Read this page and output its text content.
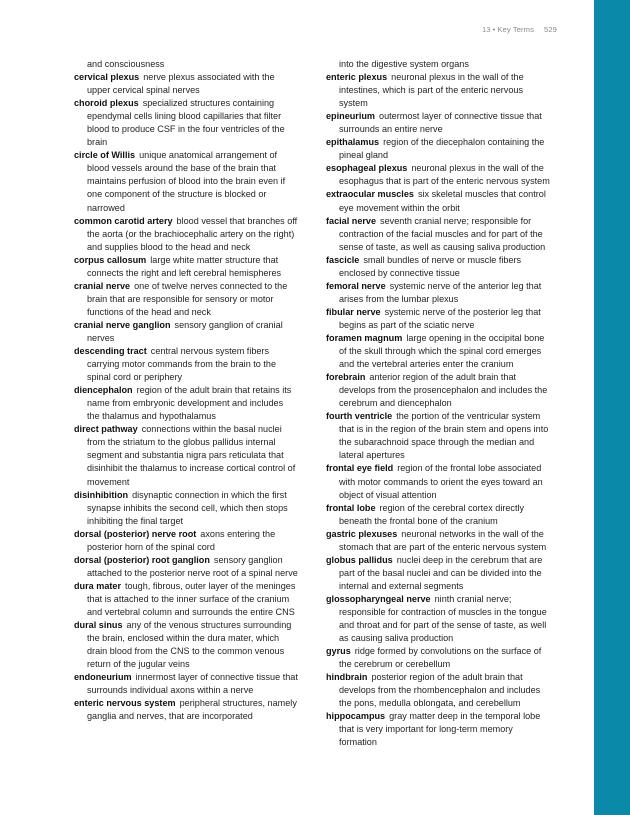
13 • Key Terms 529

and consciousness

cervical plexus nerve plexus associated with the upper cervical spinal nerves

choroid plexus specialized structures containing ependymal cells lining blood capillaries that filter blood to produce CSF in the four ventricles of the brain

circle of Willis unique anatomical arrangement of blood vessels around the base of the brain that maintains perfusion of blood into the brain even if one component of the structure is blocked or narrowed

common carotid artery blood vessel that branches off the aorta (or the brachiocephalic artery on the right) and supplies blood to the head and neck

corpus callosum large white matter structure that connects the right and left cerebral hemispheres

cranial nerve one of twelve nerves connected to the brain that are responsible for sensory or motor functions of the head and neck

cranial nerve ganglion sensory ganglion of cranial nerves

descending tract central nervous system fibers carrying motor commands from the brain to the spinal cord or periphery

diencephalon region of the adult brain that retains its name from embryonic development and includes the thalamus and hypothalamus

direct pathway connections within the basal nuclei from the striatum to the globus pallidus internal segment and substantia nigra pars reticulata that disinhibit the thalamus to increase cortical control of movement

disinhibition disynaptic connection in which the first synapse inhibits the second cell, which then stops inhibiting the final target

dorsal (posterior) nerve root axons entering the posterior horn of the spinal cord

dorsal (posterior) root ganglion sensory ganglion attached to the posterior nerve root of a spinal nerve

dura mater tough, fibrous, outer layer of the meninges that is attached to the inner surface of the cranium and vertebral column and surrounds the entire CNS

dural sinus any of the venous structures surrounding the brain, enclosed within the dura mater, which drain blood from the CNS to the common venous return of the jugular veins

endoneurium innermost layer of connective tissue that surrounds individual axons within a nerve

enteric nervous system peripheral structures, namely ganglia and nerves, that are incorporated

into the digestive system organs

enteric plexus neuronal plexus in the wall of the intestines, which is part of the enteric nervous system

epineurium outermost layer of connective tissue that surrounds an entire nerve

epithalamus region of the diecephalon containing the pineal gland

esophageal plexus neuronal plexus in the wall of the esophagus that is part of the enteric nervous system

extraocular muscles six skeletal muscles that control eye movement within the orbit

facial nerve seventh cranial nerve; responsible for contraction of the facial muscles and for part of the sense of taste, as well as causing saliva production

fascicle small bundles of nerve or muscle fibers enclosed by connective tissue

femoral nerve systemic nerve of the anterior leg that arises from the lumbar plexus

fibular nerve systemic nerve of the posterior leg that begins as part of the sciatic nerve

foramen magnum large opening in the occipital bone of the skull through which the spinal cord emerges and the vertebral arteries enter the cranium

forebrain anterior region of the adult brain that develops from the prosencephalon and includes the cerebrum and diencephalon

fourth ventricle the portion of the ventricular system that is in the region of the brain stem and opens into the subarachnoid space through the median and lateral apertures

frontal eye field region of the frontal lobe associated with motor commands to orient the eyes toward an object of visual attention

frontal lobe region of the cerebral cortex directly beneath the frontal bone of the cranium

gastric plexuses neuronal networks in the wall of the stomach that are part of the enteric nervous system

globus pallidus nuclei deep in the cerebrum that are part of the basal nuclei and can be divided into the internal and external segments

glossopharyngeal nerve ninth cranial nerve; responsible for contraction of muscles in the tongue and throat and for part of the sense of taste, as well as causing saliva production

gyrus ridge formed by convolutions on the surface of the cerebrum or cerebellum

hindbrain posterior region of the adult brain that develops from the rhombencephalon and includes the pons, medulla oblongata, and cerebellum

hippocampus gray matter deep in the temporal lobe that is very important for long-term memory formation
